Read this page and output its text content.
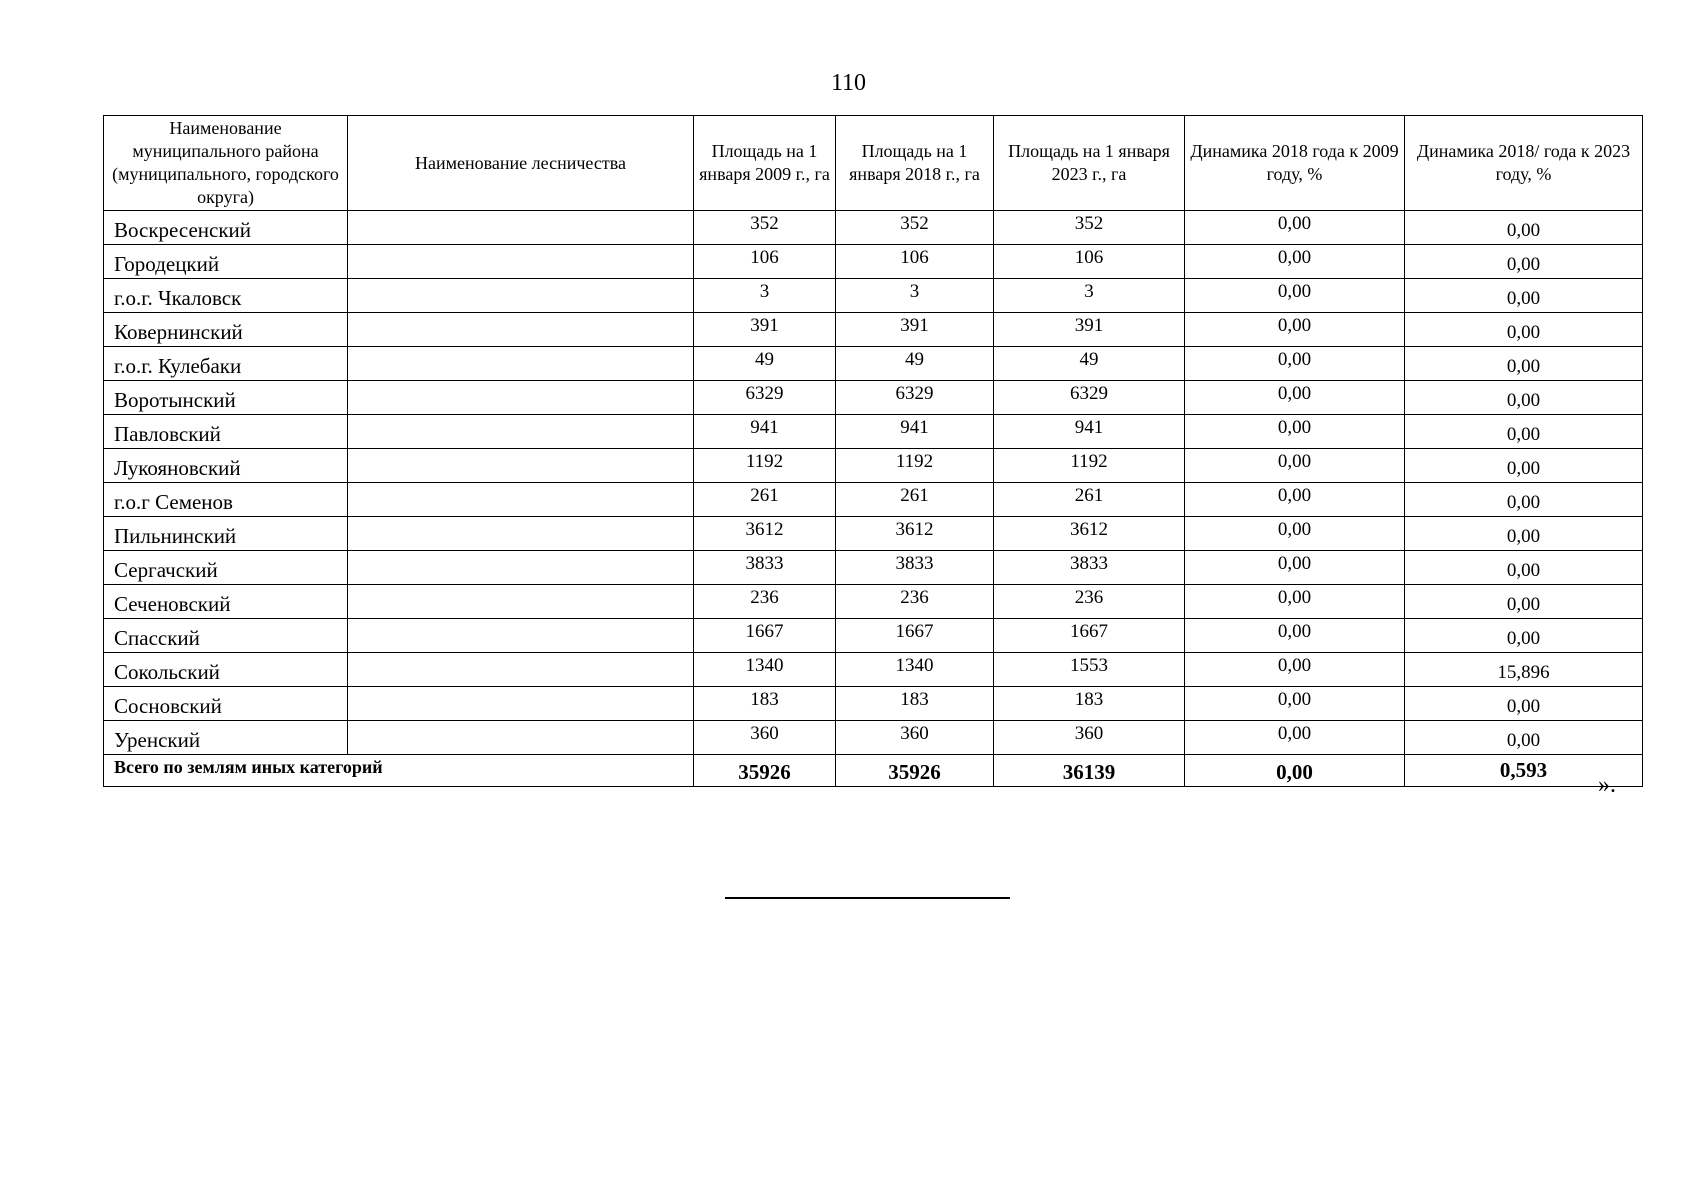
110
Наименование муниципального района (муниципального, городского округа)	Наименование лесничества	Площадь на 1 января 2009 г., га	Площадь на 1 января 2018 г., га	Площадь на 1 января 2023 г., га	Динамика 2018 года к 2009 году, %	Динамика 2018/ года к 2023 году, %
Воскресенский		352	352	352	0,00	0,00
Городецкий		106	106	106	0,00	0,00
г.о.г. Чкаловск		3	3	3	0,00	0,00
Ковернинский		391	391	391	0,00	0,00
г.о.г. Кулебаки		49	49	49	0,00	0,00
Воротынский		6329	6329	6329	0,00	0,00
Павловский		941	941	941	0,00	0,00
Лукояновский		1192	1192	1192	0,00	0,00
г.о.г Семенов		261	261	261	0,00	0,00
Пильнинский		3612	3612	3612	0,00	0,00
Сергачский		3833	3833	3833	0,00	0,00
Сеченовский		236	236	236	0,00	0,00
Спасский		1667	1667	1667	0,00	0,00
Сокольский		1340	1340	1553	0,00	15,896
Сосновский		183	183	183	0,00	0,00
Уренский		360	360	360	0,00	0,00
Всего по землям иных категорий		35926	35926	36139	0,00	0,593
».
